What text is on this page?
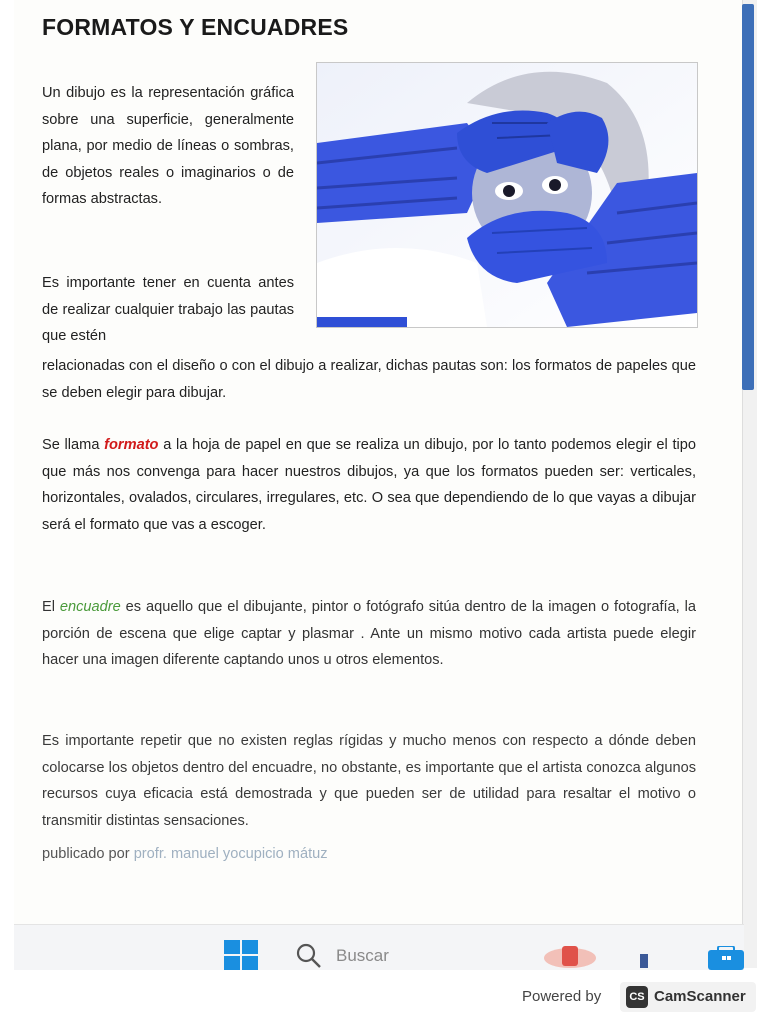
FORMATOS Y ENCUADRES

Un dibujo es la representación gráfica sobre una superficie, generalmente plana, por medio de líneas o sombras, de objetos reales o imaginarios o de formas abstractas.

Es importante tener en cuenta antes de realizar cualquier trabajo las pautas que estén

relacionadas con el diseño o con el dibujo a realizar, dichas pautas son: los formatos de papeles que se deben elegir para dibujar.

Se llama formato a la hoja de papel en que se realiza un dibujo, por lo tanto podemos elegir el tipo que más nos convenga para hacer nuestros dibujos, ya que los formatos pueden ser: verticales, horizontales, ovalados, circulares, irregulares, etc. O sea que dependiendo de lo que vayas a dibujar será el formato que vas a escoger.

El encuadre es aquello que el dibujante, pintor o fotógrafo sitúa dentro de la imagen o fotografía, la porción de escena que elige captar y plasmar . Ante un mismo motivo cada artista puede elegir hacer una imagen diferente captando unos u otros elementos.

Es importante repetir que no existen reglas rígidas y mucho menos con respecto a dónde deben colocarse los objetos dentro del encuadre, no obstante, es importante que el artista conozca algunos recursos cuya eficacia está demostrada y que pueden ser de utilidad para resaltar el motivo o transmitir distintas sensaciones.

publicado por profr. manuel yocupicio mátuz

Buscar
Powered by	CS CamScanner
